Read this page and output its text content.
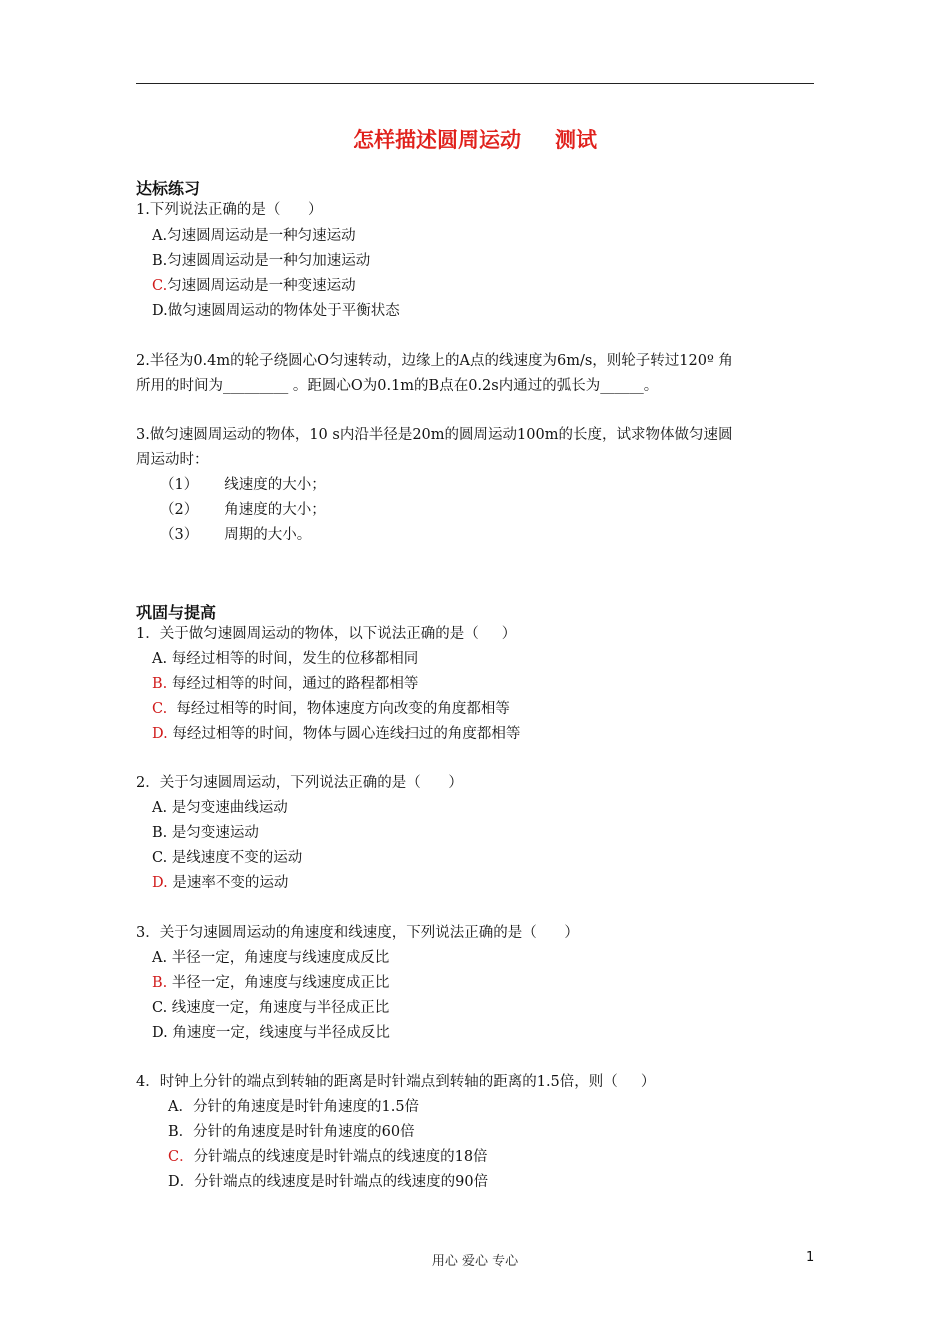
怎样描述圆周运动 测试
达标练习
1.下列说法正确的是（      ）
A.匀速圆周运动是一种匀速运动
B.匀速圆周运动是一种匀加速运动
C.匀速圆周运动是一种变速运动
D.做匀速圆周运动的物体处于平衡状态
2.半径为0.4m的轮子绕圆心O匀速转动，边缘上的A点的线速度为6m/s，则轮子转过120º 角
所用的时间为_________ 。距圆心O为0.1m的B点在0.2s内通过的弧长为______。
3.做匀速圆周运动的物体，10 s内沿半径是20m的圆周运动100m的长度，试求物体做匀速圆
周运动时：
（1） 线速度的大小；
（2） 角速度的大小；
（3） 周期的大小。
巩固与提高
1．关于做匀速圆周运动的物体，以下说法正确的是（     ）
A. 每经过相等的时间，发生的位移都相同
B. 每经过相等的时间，通过的路程都相等
C. 每经过相等的时间，物体速度方向改变的角度都相等
D. 每经过相等的时间，物体与圆心连线扫过的角度都相等
2．关于匀速圆周运动，下列说法正确的是（      ）
A. 是匀变速曲线运动
B. 是匀变速运动
C. 是线速度不变的运动
D. 是速率不变的运动
3．关于匀速圆周运动的角速度和线速度，下列说法正确的是（      ）
A. 半径一定，角速度与线速度成反比
B. 半径一定，角速度与线速度成正比
C. 线速度一定，角速度与半径成正比
D. 角速度一定，线速度与半径成反比
4．时钟上分针的端点到转轴的距离是时针端点到转轴的距离的1.5倍，则（     ）
A．分针的角速度是时针角速度的1.5倍
B．分针的角速度是时针角速度的60倍
C．分针端点的线速度是时针端点的线速度的18倍
D．分针端点的线速度是时针端点的线速度的90倍
用心 爱心 专心	1
